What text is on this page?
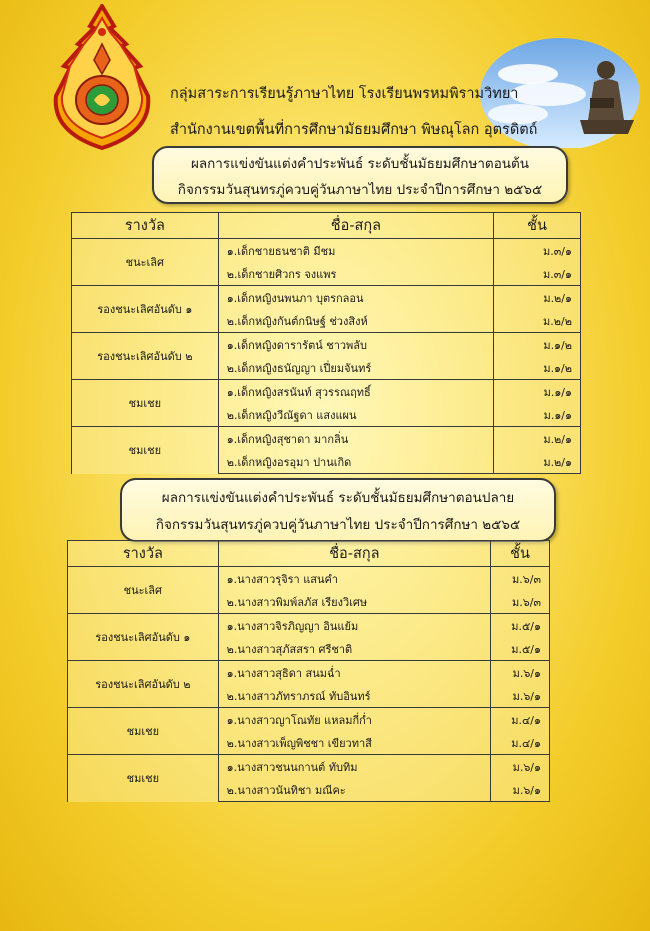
กลุ่มสาระการเรียนรู้ภาษาไทย โรงเรียนพรหมพิรามวิทยา
สำนักงานเขตพื้นที่การศึกษามัธยมศึกษา พิษณุโลก อุตรดิตถ์
ผลการแข่งขันแต่งคำประพันธ์ ระดับชั้นมัธยมศึกษาตอนต้น
กิจกรรมวันสุนทรภู่ควบคู่วันภาษาไทย ประจำปีการศึกษา ๒๕๖๕
รางวัล	ชื่อ-สกุล	ชั้น
ชนะเลิศ	๑.เด็กชายธนชาติ มีชม	ม.๓/๑
	๒.เด็กชายศิวกร จงแพร	ม.๓/๑
รองชนะเลิศอันดับ ๑	๑.เด็กหญิงนพนภา บุตรกลอน	ม.๒/๑
	๒.เด็กหญิงกันต์กนิษฐ์ ช่วงสิงห์	ม.๒/๒
รองชนะเลิศอันดับ ๒	๑.เด็กหญิงดารารัตน์ ชาวพลับ	ม.๑/๒
	๒.เด็กหญิงธนัญญา เปี่ยมจันทร์	ม.๑/๒
ชมเชย	๑.เด็กหญิงสรนันท์ สุวรรณฤทธิ์	ม.๑/๑
	๒.เด็กหญิงวีณัฐดา แสงแผน	ม.๑/๑
ชมเชย	๑.เด็กหญิงสุชาดา มากลิ่น	ม.๒/๑
	๒.เด็กหญิงอรอุมา ปานเกิด	ม.๒/๑
ผลการแข่งขันแต่งคำประพันธ์ ระดับชั้นมัธยมศึกษาตอนปลาย
กิจกรรมวันสุนทรภู่ควบคู่วันภาษาไทย ประจำปีการศึกษา ๒๕๖๕
รางวัล	ชื่อ-สกุล	ชั้น
ชนะเลิศ	๑.นางสาวรุจิรา แสนคำ	ม.๖/๓
	๒.นางสาวพิมพ์ลภัส เรียงวิเศษ	ม.๖/๓
รองชนะเลิศอันดับ ๑	๑.นางสาวจิรภิญญา อินแย้ม	ม.๕/๑
	๒.นางสาวสุภัสสรา ศรีชาติ	ม.๕/๑
รองชนะเลิศอันดับ ๒	๑.นางสาวสุธิดา สนมฉ่ำ	ม.๖/๑
	๒.นางสาวภัทราภรณ์ ทับอินทร์	ม.๖/๑
ชมเชย	๑.นางสาวญาโณทัย แหลมกี่ก่ำ	ม.๔/๑
	๒.นางสาวเพ็ญพิชชา เขียวทาสี	ม.๔/๑
ชมเชย	๑.นางสาวชนนกานต์ ทับทิม	ม.๖/๑
	๒.นางสาวนันทิชา มณีคะ	ม.๖/๑
